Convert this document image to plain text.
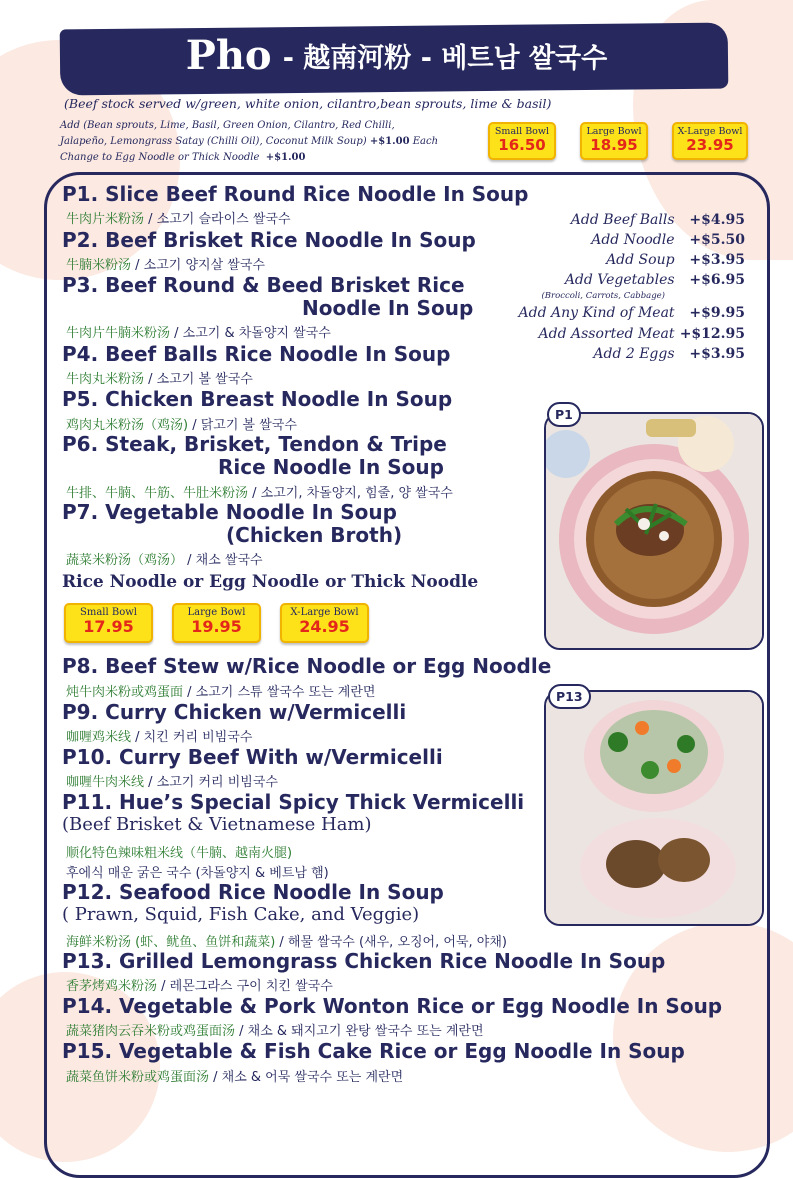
Pho - 越南河粉 - 베트남 쌀국수
(Beef stock served w/green, white onion, cilantro,bean sprouts, lime & basil)
Add (Bean sprouts, Lime, Basil, Green Onion, Cilantro, Red Chilli,
Jalapeño, Lemongrass Satay (Chilli Oil), Coconut Milk Soup) +$1.00 Each
Change to Egg Noodle or Thick Noodle +$1.00
Small Bowl
16.50
Large Bowl
18.95
X-Large Bowl
23.95
P1. Slice Beef Round Rice Noodle In Soup
牛肉片米粉汤 / 소고기 슬라이스 쌀국수
P2. Beef Brisket Rice Noodle In Soup
牛腩米粉汤 / 소고기 양지살 쌀국수
P3. Beef Round & Beed Brisket Rice
Noodle In Soup
牛肉片牛腩米粉汤 / 소고기 & 차돌양지 쌀국수
P4. Beef Balls Rice Noodle In Soup
牛肉丸米粉汤 / 소고기 볼 쌀국수
P5. Chicken Breast Noodle In Soup
鸡肉丸米粉汤（鸡汤) / 닭고기 볼 쌀국수
P6. Steak, Brisket, Tendon & Tripe
Rice Noodle In Soup
牛排、牛腩、牛筋、牛肚米粉汤 / 소고기, 차돌양지, 힘줄, 양 쌀국수
P7. Vegetable Noodle In Soup
(Chicken Broth)
蔬菜米粉汤（鸡汤） / 채소 쌀국수
Rice Noodle or Egg Noodle or Thick Noodle
Small Bowl
17.95
Large Bowl
19.95
X-Large Bowl
24.95
Add Beef Balls +$4.95
Add Noodle +$5.50
Add Soup +$3.95
Add Vegetables +$6.95
(Broccoli, Carrots, Cabbage)
Add Any Kind of Meat +$9.95
Add Assorted Meat +$12.95
Add 2 Eggs +$3.95
P1
P13
P8. Beef Stew w/Rice Noodle or Egg Noodle
炖牛肉米粉或鸡蛋面 / 소고기 스튜 쌀국수 또는 계란면
P9. Curry Chicken w/Vermicelli
咖喱鸡米线 / 치킨 커리 비빔국수
P10. Curry Beef With w/Vermicelli
咖喱牛肉米线 / 소고기 커리 비빔국수
P11. Hue’s Special Spicy Thick Vermicelli
(Beef Brisket & Vietnamese Ham)
顺化特色辣味粗米线（牛腩、越南火腿)
후에식 매운 굵은 국수 (차돌양지 & 베트남 햄)
P12. Seafood Rice Noodle In Soup
( Prawn, Squid, Fish Cake, and Veggie)
海鲜米粉汤 (虾、鱿鱼、鱼饼和蔬菜) / 해물 쌀국수 (새우, 오징어, 어묵, 야채)
P13. Grilled Lemongrass Chicken Rice Noodle In Soup
香茅烤鸡米粉汤 / 레몬그라스 구이 치킨 쌀국수
P14. Vegetable & Pork Wonton Rice or Egg Noodle In Soup
蔬菜猪肉云吞米粉或鸡蛋面汤 / 채소 & 돼지고기 완탕 쌀국수 또는 계란면
P15. Vegetable & Fish Cake Rice or Egg Noodle In Soup
蔬菜鱼饼米粉或鸡蛋面汤 / 채소 & 어묵 쌀국수 또는 계란면
